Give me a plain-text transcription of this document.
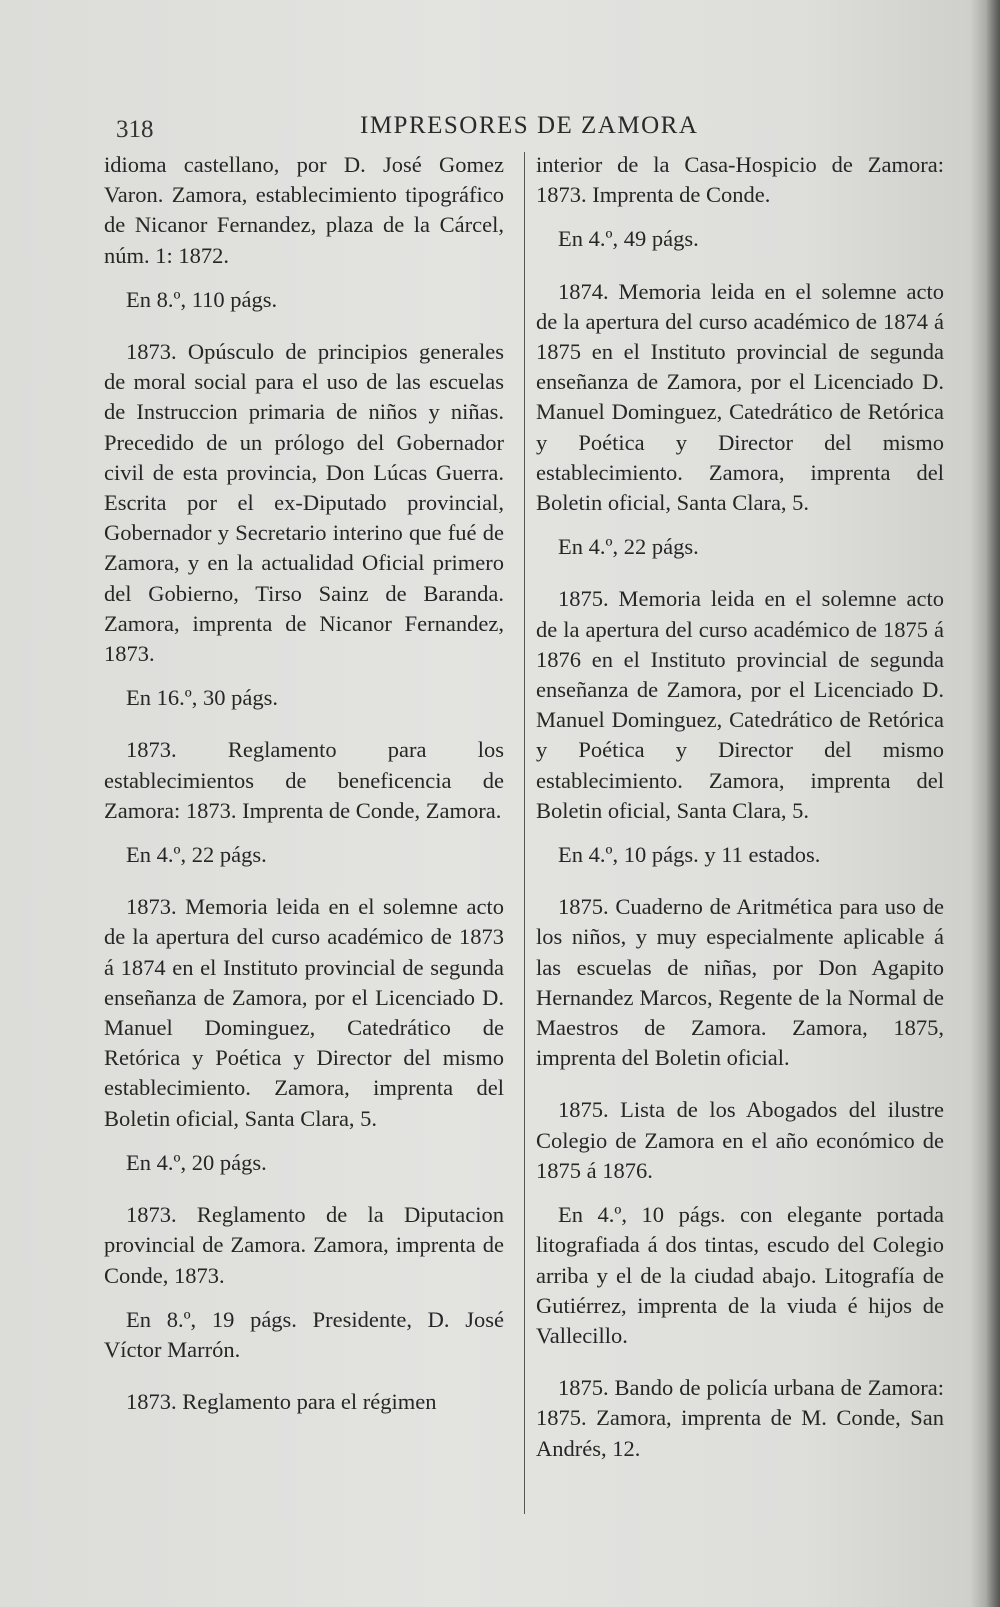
318	IMPRESORES DE ZAMORA

idioma castellano, por D. José Gomez Varon. Zamora, establecimiento tipográfico de Nicanor Fernandez, plaza de la Cárcel, núm. 1: 1872.

En 8.º, 110 págs.

1873. Opúsculo de principios generales de moral social para el uso de las escuelas de Instruccion primaria de niños y niñas. Precedido de un prólogo del Gobernador civil de esta provincia, Don Lúcas Guerra. Escrita por el ex-Diputado provincial, Gobernador y Secretario interino que fué de Zamora, y en la actualidad Oficial primero del Gobierno, Tirso Sainz de Baranda. Zamora, imprenta de Nicanor Fernandez, 1873.

En 16.º, 30 págs.

1873. Reglamento para los establecimientos de beneficencia de Zamora: 1873. Imprenta de Conde, Zamora.

En 4.º, 22 págs.

1873. Memoria leida en el solemne acto de la apertura del curso académico de 1873 á 1874 en el Instituto provincial de segunda enseñanza de Zamora, por el Licenciado D. Manuel Dominguez, Catedrático de Retórica y Poética y Director del mismo establecimiento. Zamora, imprenta del Boletin oficial, Santa Clara, 5.

En 4.º, 20 págs.

1873. Reglamento de la Diputacion provincial de Zamora. Zamora, imprenta de Conde, 1873.

En 8.º, 19 págs. Presidente, D. José Víctor Marrón.

1873. Reglamento para el régimen

interior de la Casa-Hospicio de Zamora: 1873. Imprenta de Conde.

En 4.º, 49 págs.

1874. Memoria leida en el solemne acto de la apertura del curso académico de 1874 á 1875 en el Instituto provincial de segunda enseñanza de Zamora, por el Licenciado D. Manuel Dominguez, Catedrático de Retórica y Poética y Director del mismo establecimiento. Zamora, imprenta del Boletin oficial, Santa Clara, 5.

En 4.º, 22 págs.

1875. Memoria leida en el solemne acto de la apertura del curso académico de 1875 á 1876 en el Instituto provincial de segunda enseñanza de Zamora, por el Licenciado D. Manuel Dominguez, Catedrático de Retórica y Poética y Director del mismo establecimiento. Zamora, imprenta del Boletin oficial, Santa Clara, 5.

En 4.º, 10 págs. y 11 estados.

1875. Cuaderno de Aritmética para uso de los niños, y muy especialmente aplicable á las escuelas de niñas, por Don Agapito Hernandez Marcos, Regente de la Normal de Maestros de Zamora. Zamora, 1875, imprenta del Boletin oficial.

1875. Lista de los Abogados del ilustre Colegio de Zamora en el año económico de 1875 á 1876.

En 4.º, 10 págs. con elegante portada litografiada á dos tintas, escudo del Colegio arriba y el de la ciudad abajo. Litografía de Gutiérrez, imprenta de la viuda é hijos de Vallecillo.

1875. Bando de policía urbana de Zamora: 1875. Zamora, imprenta de M. Conde, San Andrés, 12.
